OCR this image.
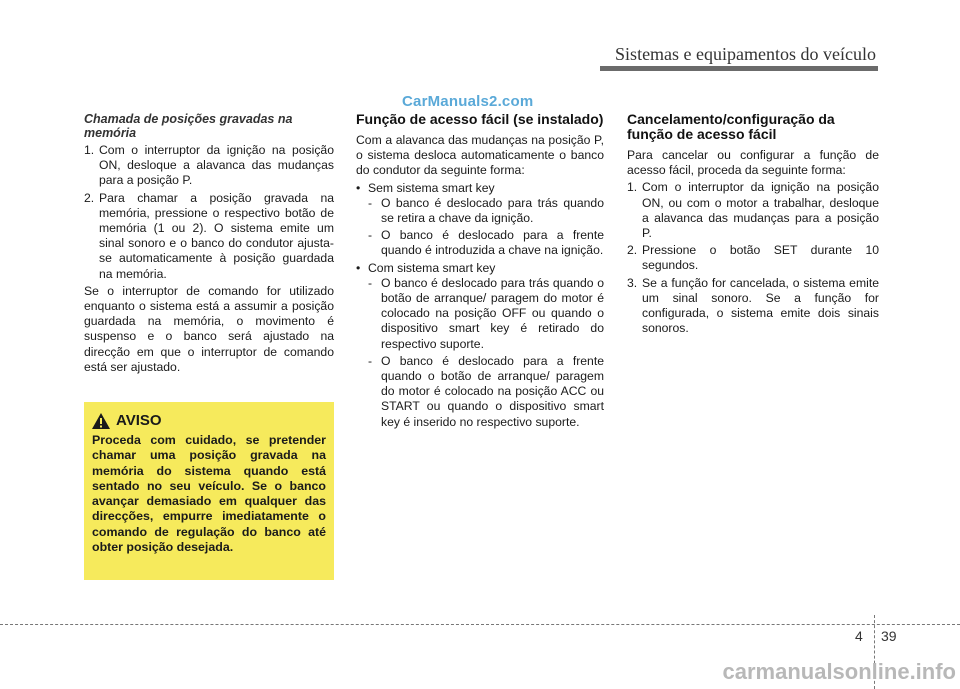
Sistemas e equipamentos do veículo
CarManuals2.com
Chamada de posições gravadas na memória
1. Com o interruptor da ignição na posição ON, desloque a alavanca das mudanças para a posição P.
2. Para chamar a posição gravada na memória, pressione o respectivo botão de memória (1 ou 2). O sistema emite um sinal sonoro e o banco do condutor ajusta-se automaticamente à posição guardada na memória.

Se o interruptor de comando for utilizado enquanto o sistema está a assumir a posição guardada na memória, o movimento é suspenso e o banco será ajustado na direcção em que o interruptor de comando está ser ajustado.

AVISO
Proceda com cuidado, se pretender chamar uma posição gravada na memória do sistema quando está sentado no seu veículo. Se o banco avançar demasiado em qualquer das direcções, empurre imediatamente o comando de regulação do banco até obter posição desejada.
Função de acesso fácil (se instalado)

Com a alavanca das mudanças na posição P, o sistema desloca automaticamente o banco do condutor da seguinte forma:

• Sem sistema smart key
- O banco é deslocado para trás quando se retira a chave da ignição.
- O banco é deslocado para a frente quando é introduzida a chave na ignição.
• Com sistema smart key
- O banco é deslocado para trás quando o botão de arranque/ paragem do motor é colocado na posição OFF ou quando o dispositivo smart key é retirado do respectivo suporte.
- O banco é deslocado para a frente quando o botão de arranque/ paragem do motor é colocado na posição ACC ou START ou quando o dispositivo smart key é inserido no respectivo suporte.
Cancelamento/configuração da função de acesso fácil

Para cancelar ou configurar a função de acesso fácil, proceda da seguinte forma:

1. Com o interruptor da ignição na posição ON, ou com o motor a trabalhar, desloque a alavanca das mudanças para a posição P.
2. Pressione o botão SET durante 10 segundos.
3. Se a função for cancelada, o sistema emite um sinal sonoro. Se a função for configurada, o sistema emite dois sinais sonoros.
4 39
carmanualsonline.info
